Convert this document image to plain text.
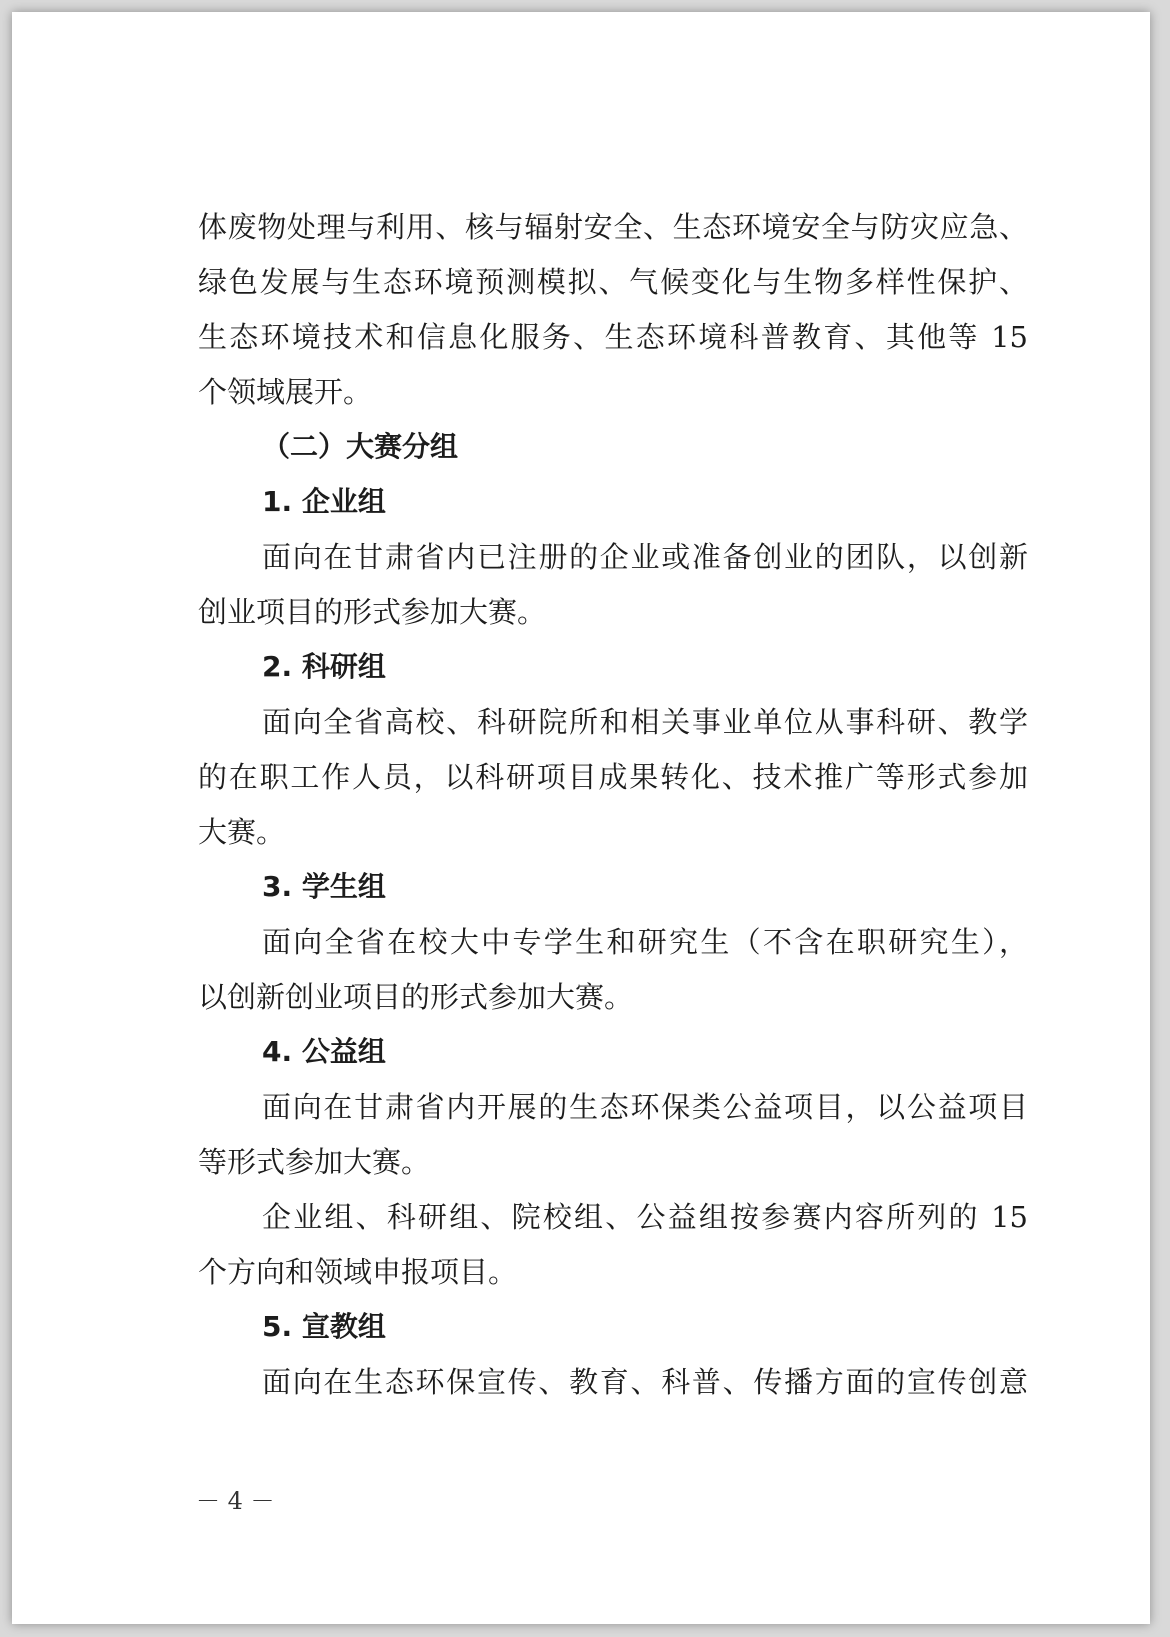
体废物处理与利用、核与辐射安全、生态环境安全与防灾应急、
绿色发展与生态环境预测模拟、气候变化与生物多样性保护、
生态环境技术和信息化服务、生态环境科普教育、其他等 15
个领域展开。
（二）大赛分组
1. 企业组
面向在甘肃省内已注册的企业或准备创业的团队，以创新
创业项目的形式参加大赛。
2. 科研组
面向全省高校、科研院所和相关事业单位从事科研、教学
的在职工作人员，以科研项目成果转化、技术推广等形式参加
大赛。
3. 学生组
面向全省在校大中专学生和研究生（不含在职研究生），
以创新创业项目的形式参加大赛。
4. 公益组
面向在甘肃省内开展的生态环保类公益项目，以公益项目
等形式参加大赛。
企业组、科研组、院校组、公益组按参赛内容所列的 15
个方向和领域申报项目。
5. 宣教组
面向在生态环保宣传、教育、科普、传播方面的宣传创意
－ 4 －
